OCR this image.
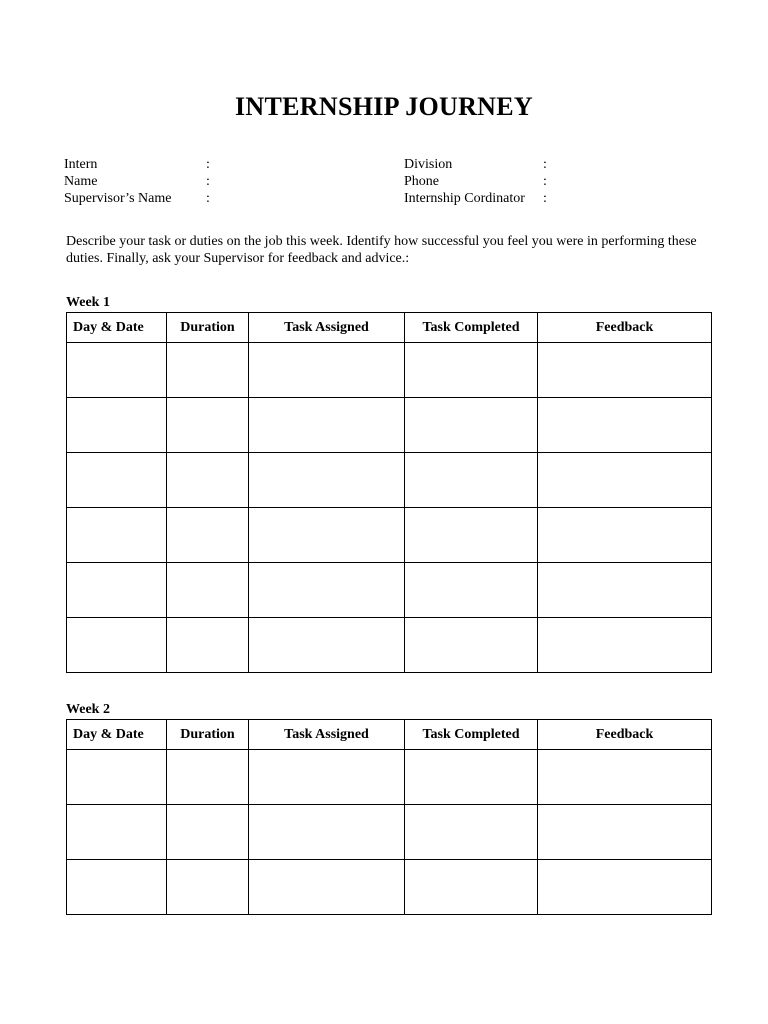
INTERNSHIP JOURNEY
Intern	:
Name	:
Supervisor’s Name :
Division	:
Phone	:
Internship Cordinator :
Describe your task or duties on the job this week. Identify how successful you feel you were in performing these duties. Finally, ask your Supervisor for feedback and advice.:
Week 1
Day & Date	Duration	Task Assigned	Task Completed	Feedback

Week 2
Day & Date	Duration	Task Assigned	Task Completed	Feedback
